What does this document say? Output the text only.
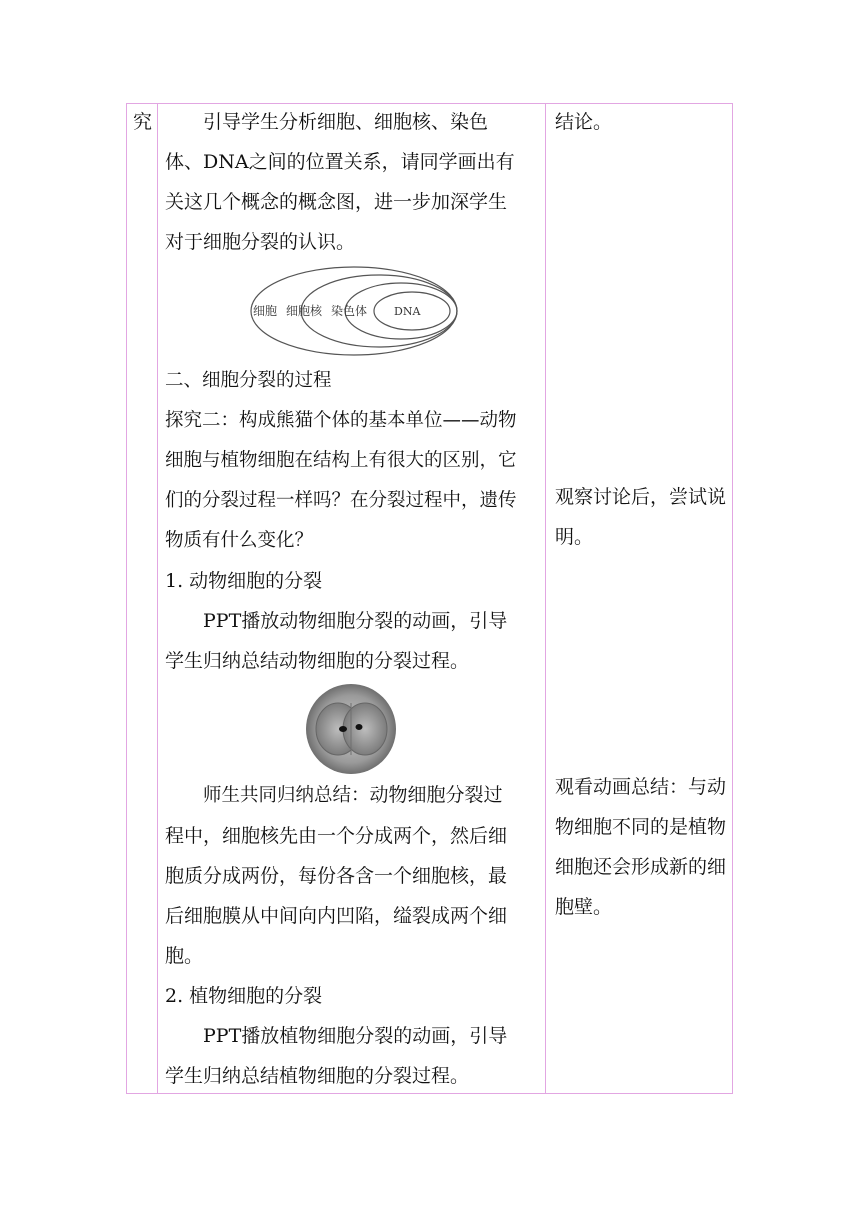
究	引导学生分析细胞、细胞核、染色体、DNA之间的位置关系，请同学画出有关这几个概念的概念图，进一步加深学生对于细胞分裂的认识。

细胞 细胞核 染色体 DNA

二、细胞分裂的过程

探究二：构成熊猫个体的基本单位——动物细胞与植物细胞在结构上有很大的区别，它们的分裂过程一样吗？在分裂过程中，遗传物质有什么变化？

1. 动物细胞的分裂

PPT播放动物细胞分裂的动画，引导学生归纳总结动物细胞的分裂过程。

师生共同归纳总结：动物细胞分裂过程中，细胞核先由一个分成两个，然后细胞质分成两份，每份各含一个细胞核，最后细胞膜从中间向内凹陷，缢裂成两个细胞。

2. 植物细胞的分裂

PPT播放植物细胞分裂的动画，引导学生归纳总结植物细胞的分裂过程。

结论。
观察讨论后，尝试说明。
观看动画总结：与动物细胞不同的是植物细胞还会形成新的细胞壁。
